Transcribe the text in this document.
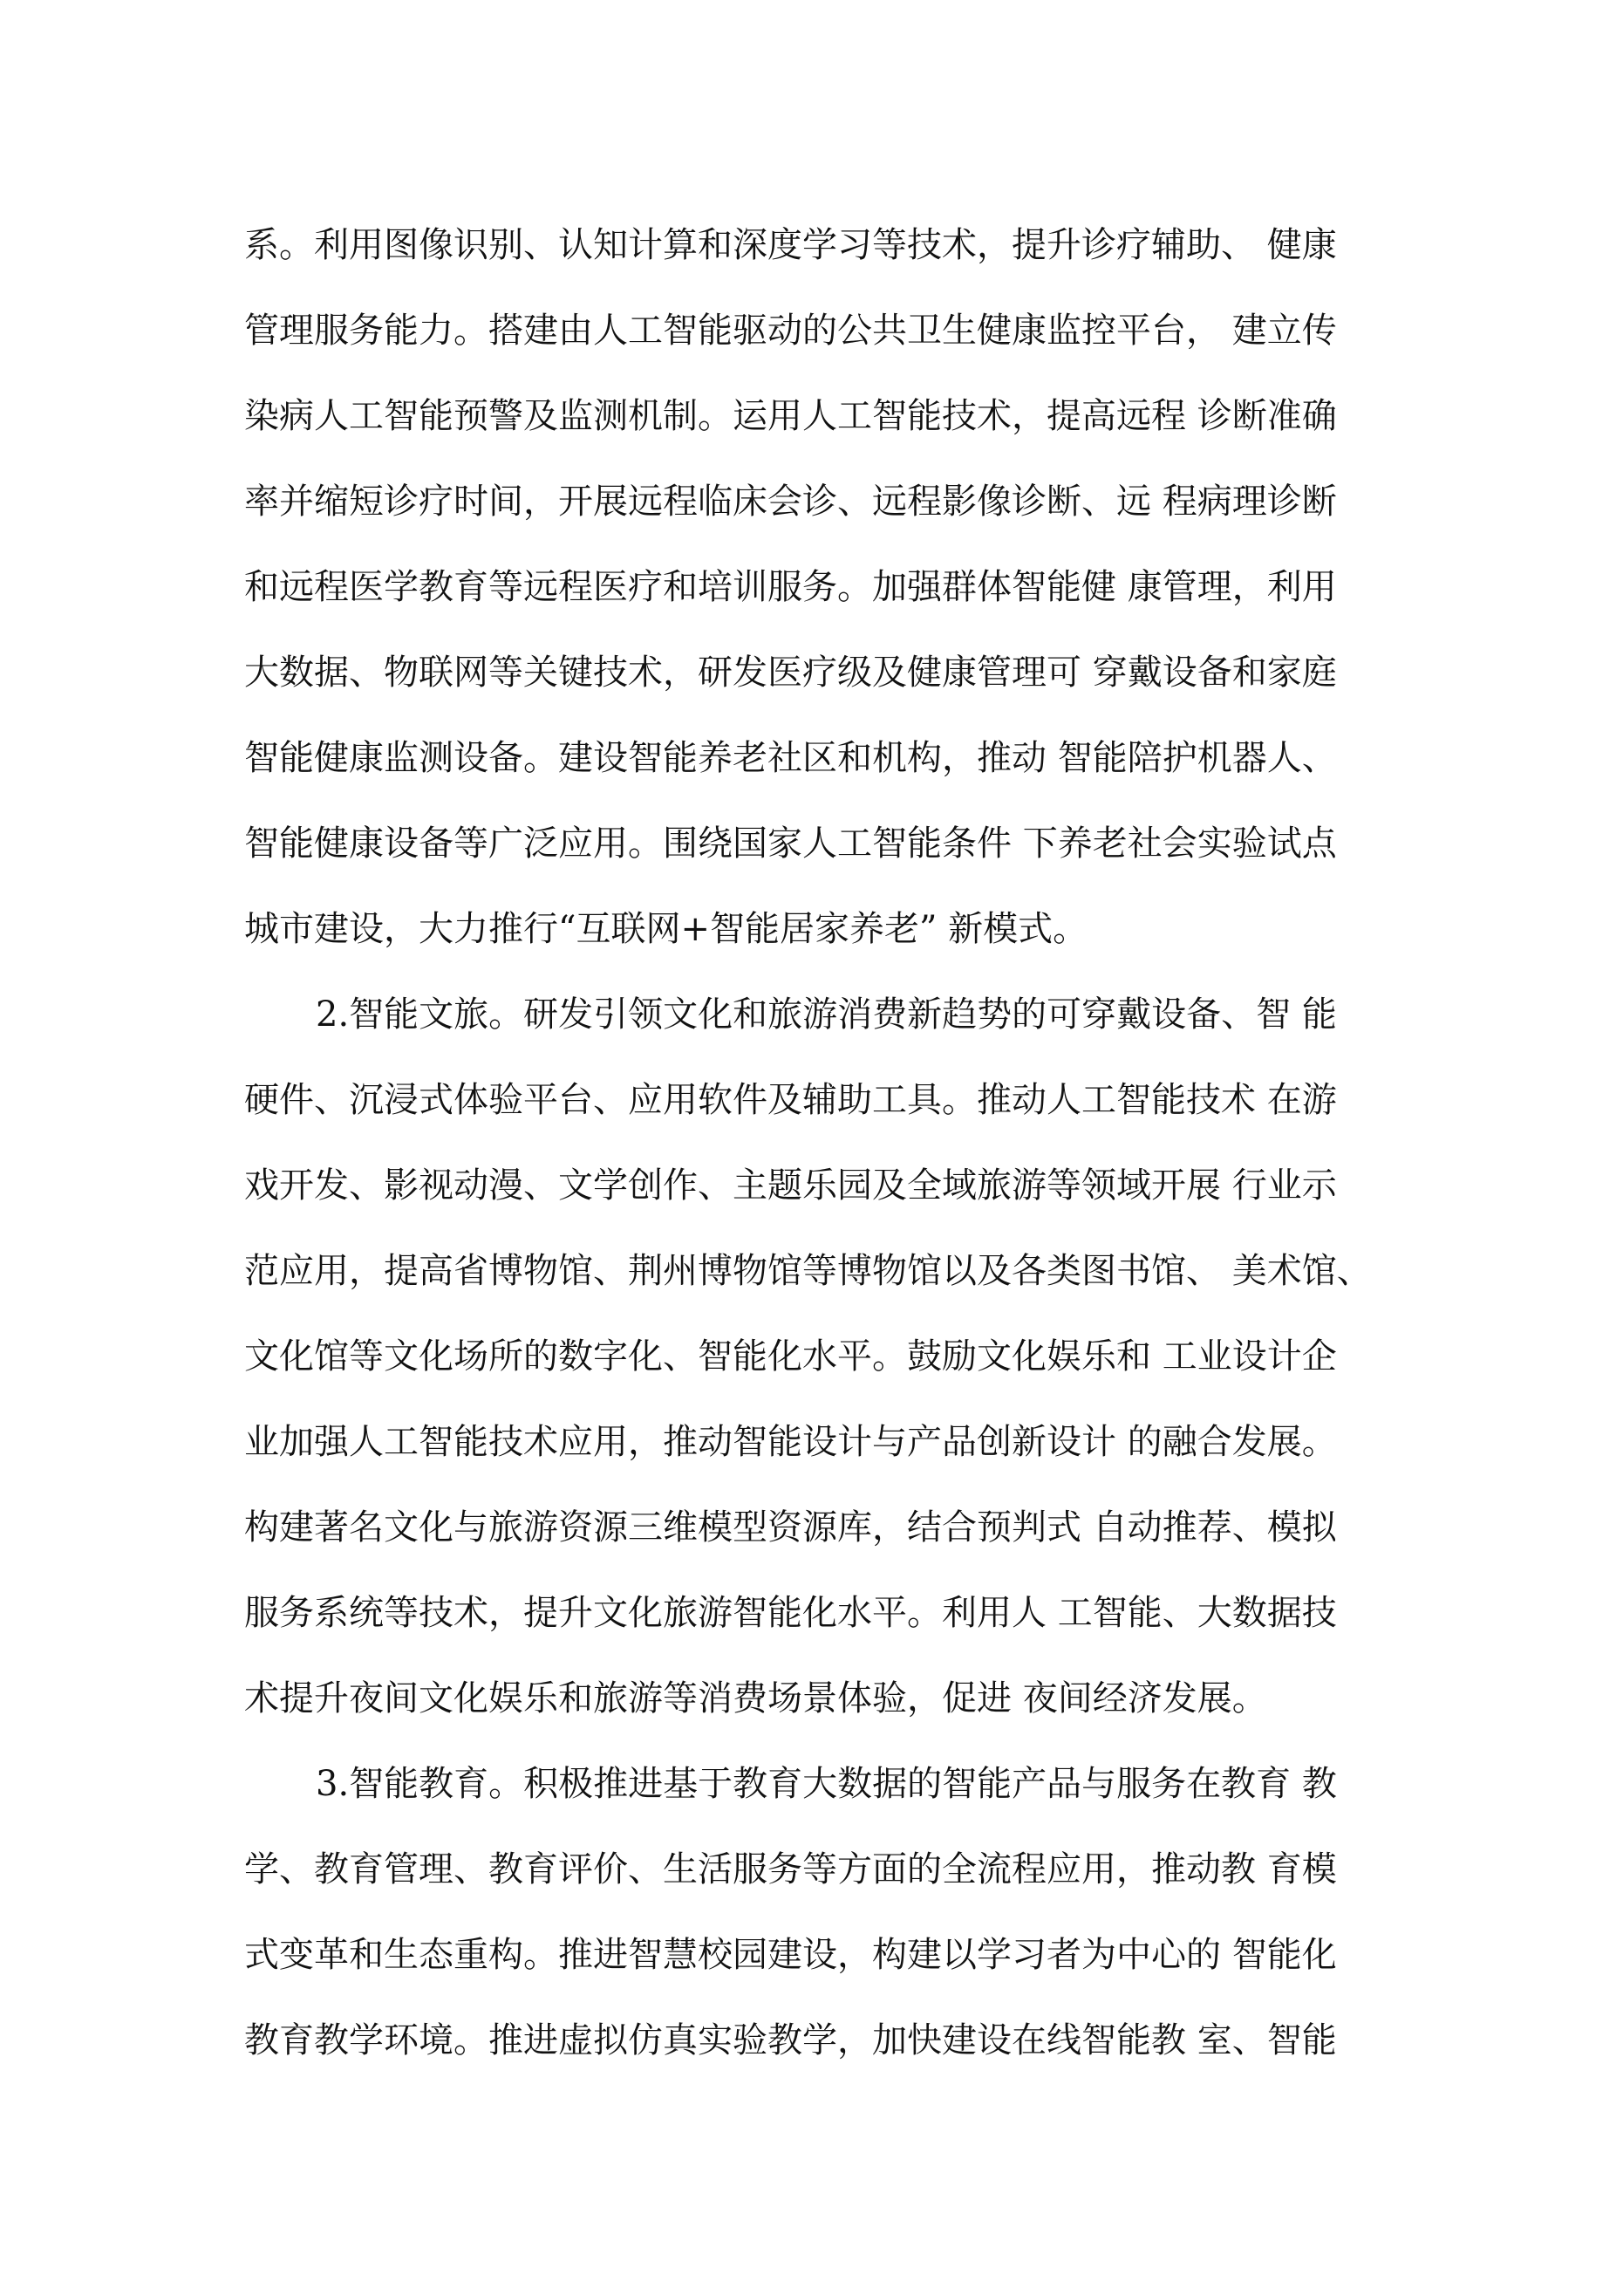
系。利用图像识别、认知计算和深度学习等技术，提升诊疗辅助、 健康
管理服务能力。搭建由人工智能驱动的公共卫生健康监控平台， 建立传
染病人工智能预警及监测机制。运用人工智能技术，提高远程 诊断准确
率并缩短诊疗时间，开展远程临床会诊、远程影像诊断、远 程病理诊断
和远程医学教育等远程医疗和培训服务。加强群体智能健 康管理，利用
大数据、物联网等关键技术，研发医疗级及健康管理可 穿戴设备和家庭
智能健康监测设备。建设智能养老社区和机构，推动 智能陪护机器人、
智能健康设备等广泛应用。围绕国家人工智能条件 下养老社会实验试点
城市建设，大力推行“互联网+智能居家养老” 新模式。
2.智能文旅。研发引领文化和旅游消费新趋势的可穿戴设备、智 能
硬件、沉浸式体验平台、应用软件及辅助工具。推动人工智能技术 在游
戏开发、影视动漫、文学创作、主题乐园及全域旅游等领域开展 行业示
范应用，提高省博物馆、荆州博物馆等博物馆以及各类图书馆、 美术馆、
文化馆等文化场所的数字化、智能化水平。鼓励文化娱乐和 工业设计企
业加强人工智能技术应用，推动智能设计与产品创新设计 的融合发展。
构建著名文化与旅游资源三维模型资源库，结合预判式 自动推荐、模拟
服务系统等技术，提升文化旅游智能化水平。利用人 工智能、大数据技
术提升夜间文化娱乐和旅游等消费场景体验，促进 夜间经济发展。
3.智能教育。积极推进基于教育大数据的智能产品与服务在教育 教
学、教育管理、教育评价、生活服务等方面的全流程应用，推动教 育模
式变革和生态重构。推进智慧校园建设，构建以学习者为中心的 智能化
教育教学环境。推进虚拟仿真实验教学，加快建设在线智能教 室、智能
